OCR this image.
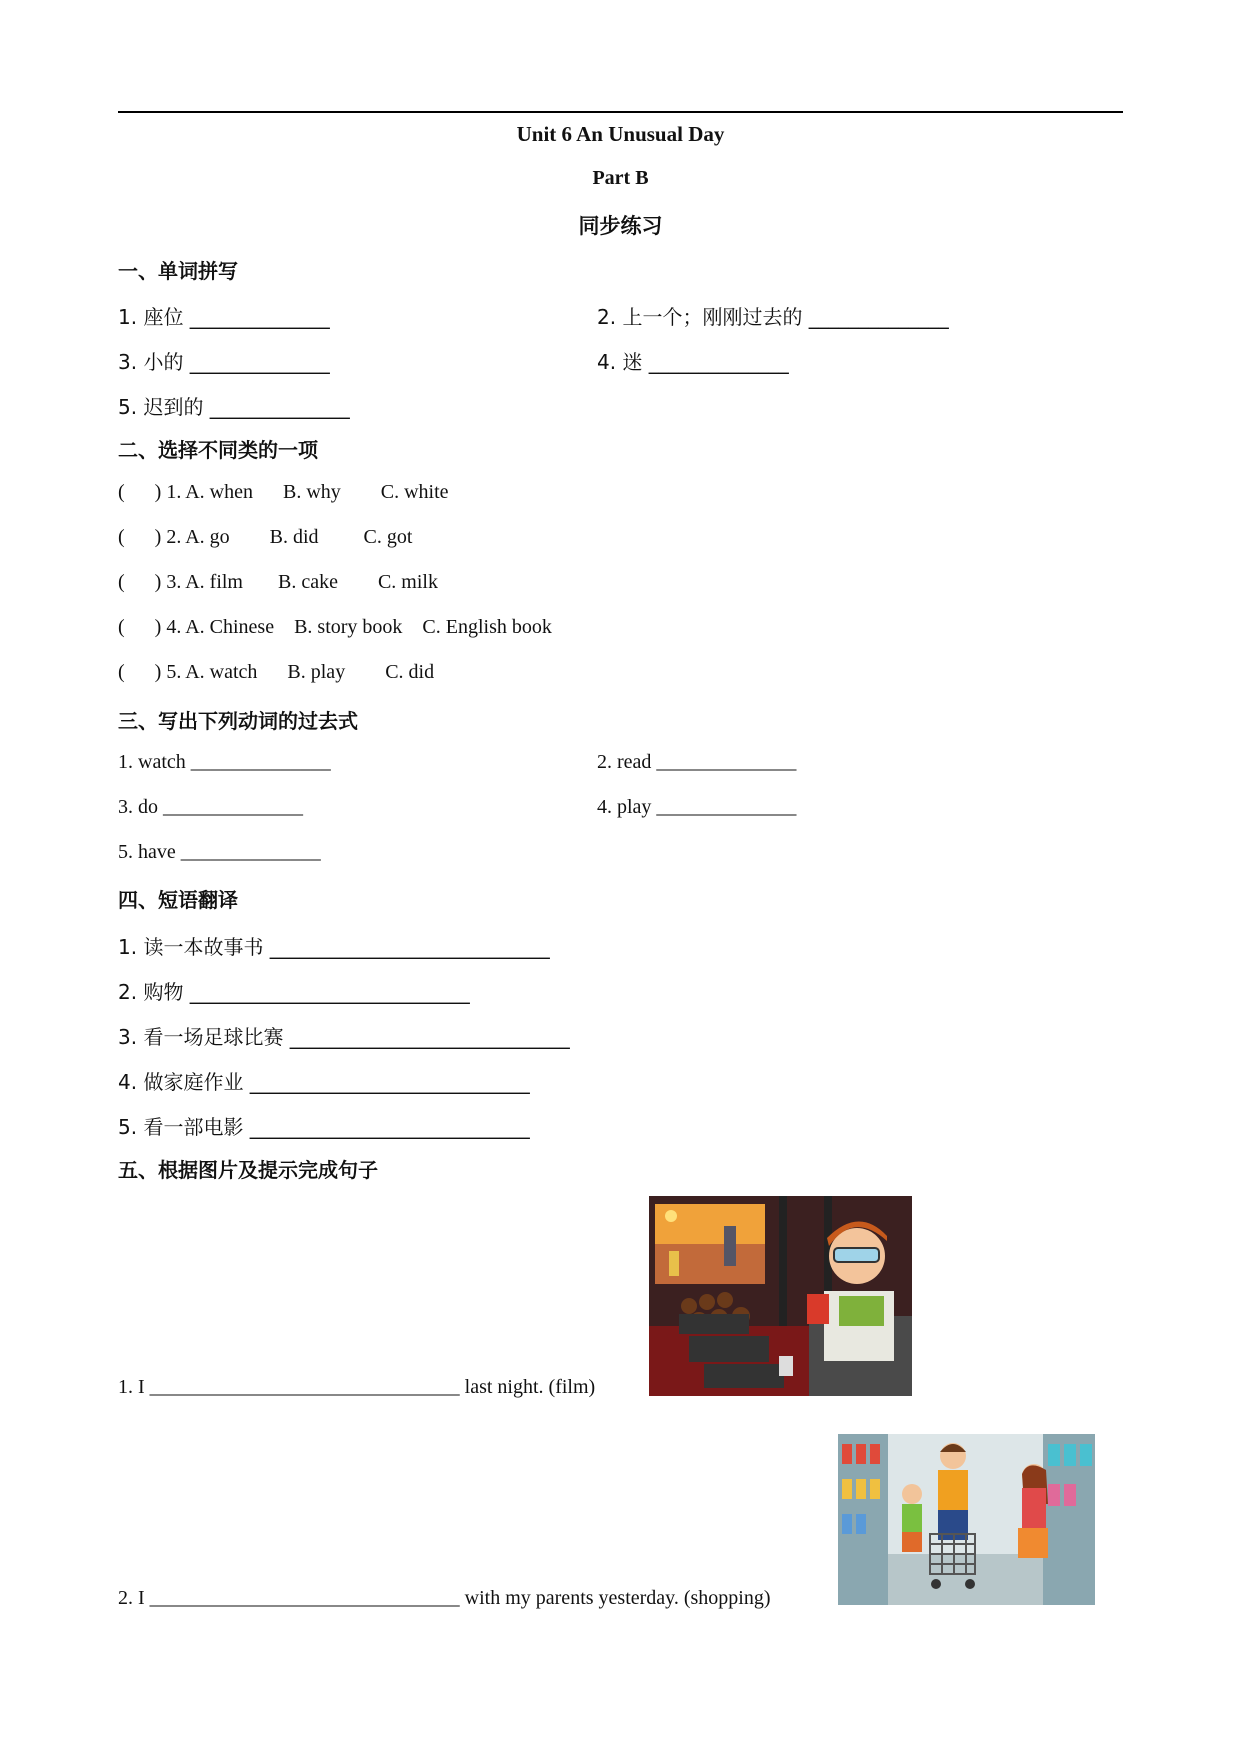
Unit 6 An Unusual Day
Part B
同步练习
一、单词拼写
1. 座位 ______________	2. 上一个；刚刚过去的 ______________
3. 小的 ______________	4. 迷 ______________
5. 迟到的 ______________
二、选择不同类的一项
(      ) 1. A. when      B. why        C. white
(      ) 2. A. go        B. did         C. got
(      ) 3. A. film       B. cake        C. milk
(      ) 4. A. Chinese    B. story book    C. English book
(      ) 5. A. watch      B. play        C. did
三、写出下列动词的过去式
1. watch ______________	2. read ______________
3. do ______________	4. play ______________
5. have ______________
四、短语翻译
1. 读一本故事书 ____________________________
2. 购物 ____________________________
3. 看一场足球比赛 ____________________________
4. 做家庭作业 ____________________________
5. 看一部电影 ____________________________
五、根据图片及提示完成句子
1. I _______________________________ last night. (film)
2. I _______________________________ with my parents yesterday. (shopping)
